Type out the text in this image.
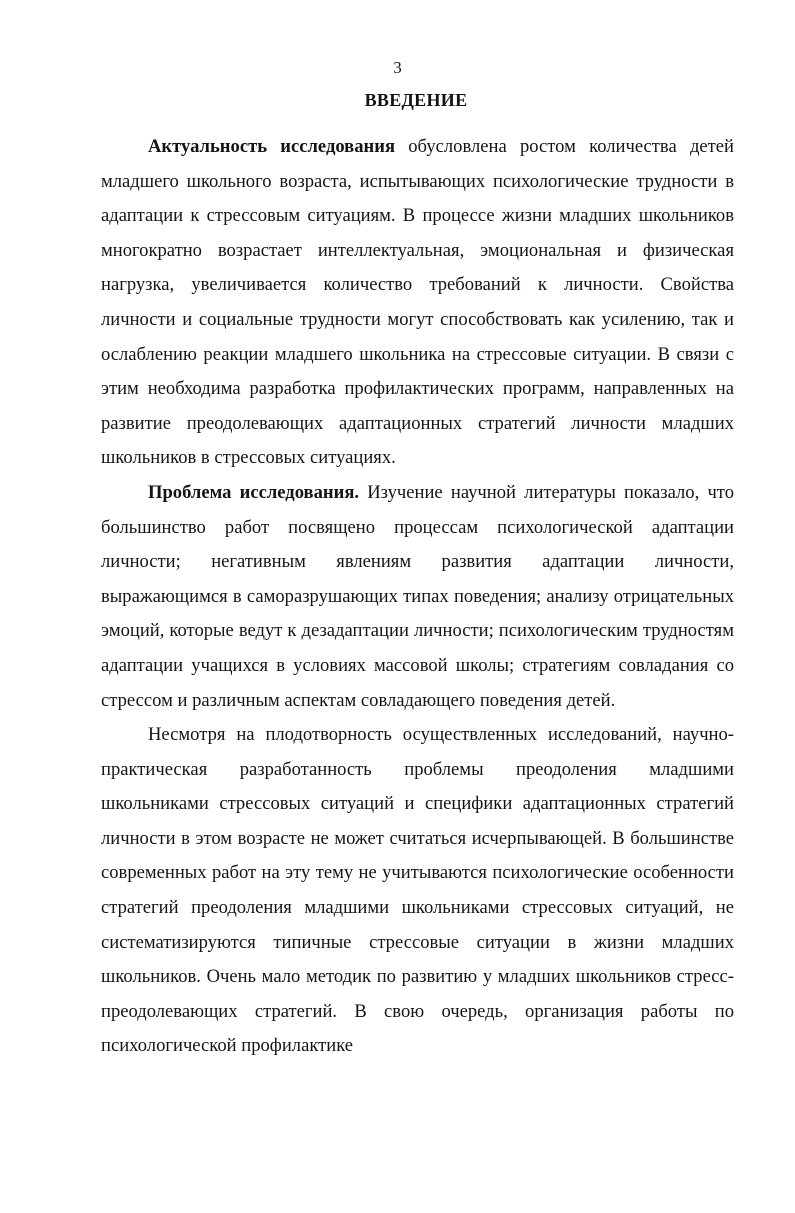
3
ВВЕДЕНИЕ

Актуальность исследования обусловлена ростом количества детей младшего школьного возраста, испытывающих психологические трудности в адаптации к стрессовым ситуациям. В процессе жизни младших школьников многократно возрастает интеллектуальная, эмоциональная и физическая нагрузка, увеличивается количество требований к личности. Свойства личности и социальные трудности могут способствовать как усилению, так и ослаблению реакции младшего школьника на стрессовые ситуации. В связи с этим необходима разработка профилактических программ, направленных на развитие преодолевающих адаптационных стратегий личности младших школьников в стрессовых ситуациях.

Проблема исследования. Изучение научной литературы показало, что большинство работ посвящено процессам психологической адаптации личности; негативным явлениям развития адаптации личности, выражающимся в саморазрушающих типах поведения; анализу отрицательных эмоций, которые ведут к дезадаптации личности; психологическим трудностям адаптации учащихся в условиях массовой школы; стратегиям совладания со стрессом и различным аспектам совладающего поведения детей.

Несмотря на плодотворность осуществленных исследований, научно-практическая разработанность проблемы преодоления младшими школьниками стрессовых ситуаций и специфики адаптационных стратегий личности в этом возрасте не может считаться исчерпывающей. В большинстве современных работ на эту тему не учитываются психологические особенности стратегий преодоления младшими школьниками стрессовых ситуаций, не систематизируются типичные стрессовые ситуации в жизни младших школьников. Очень мало методик по развитию у младших школьников стресс-преодолевающих стратегий. В свою очередь, организация работы по психологической профилактике
